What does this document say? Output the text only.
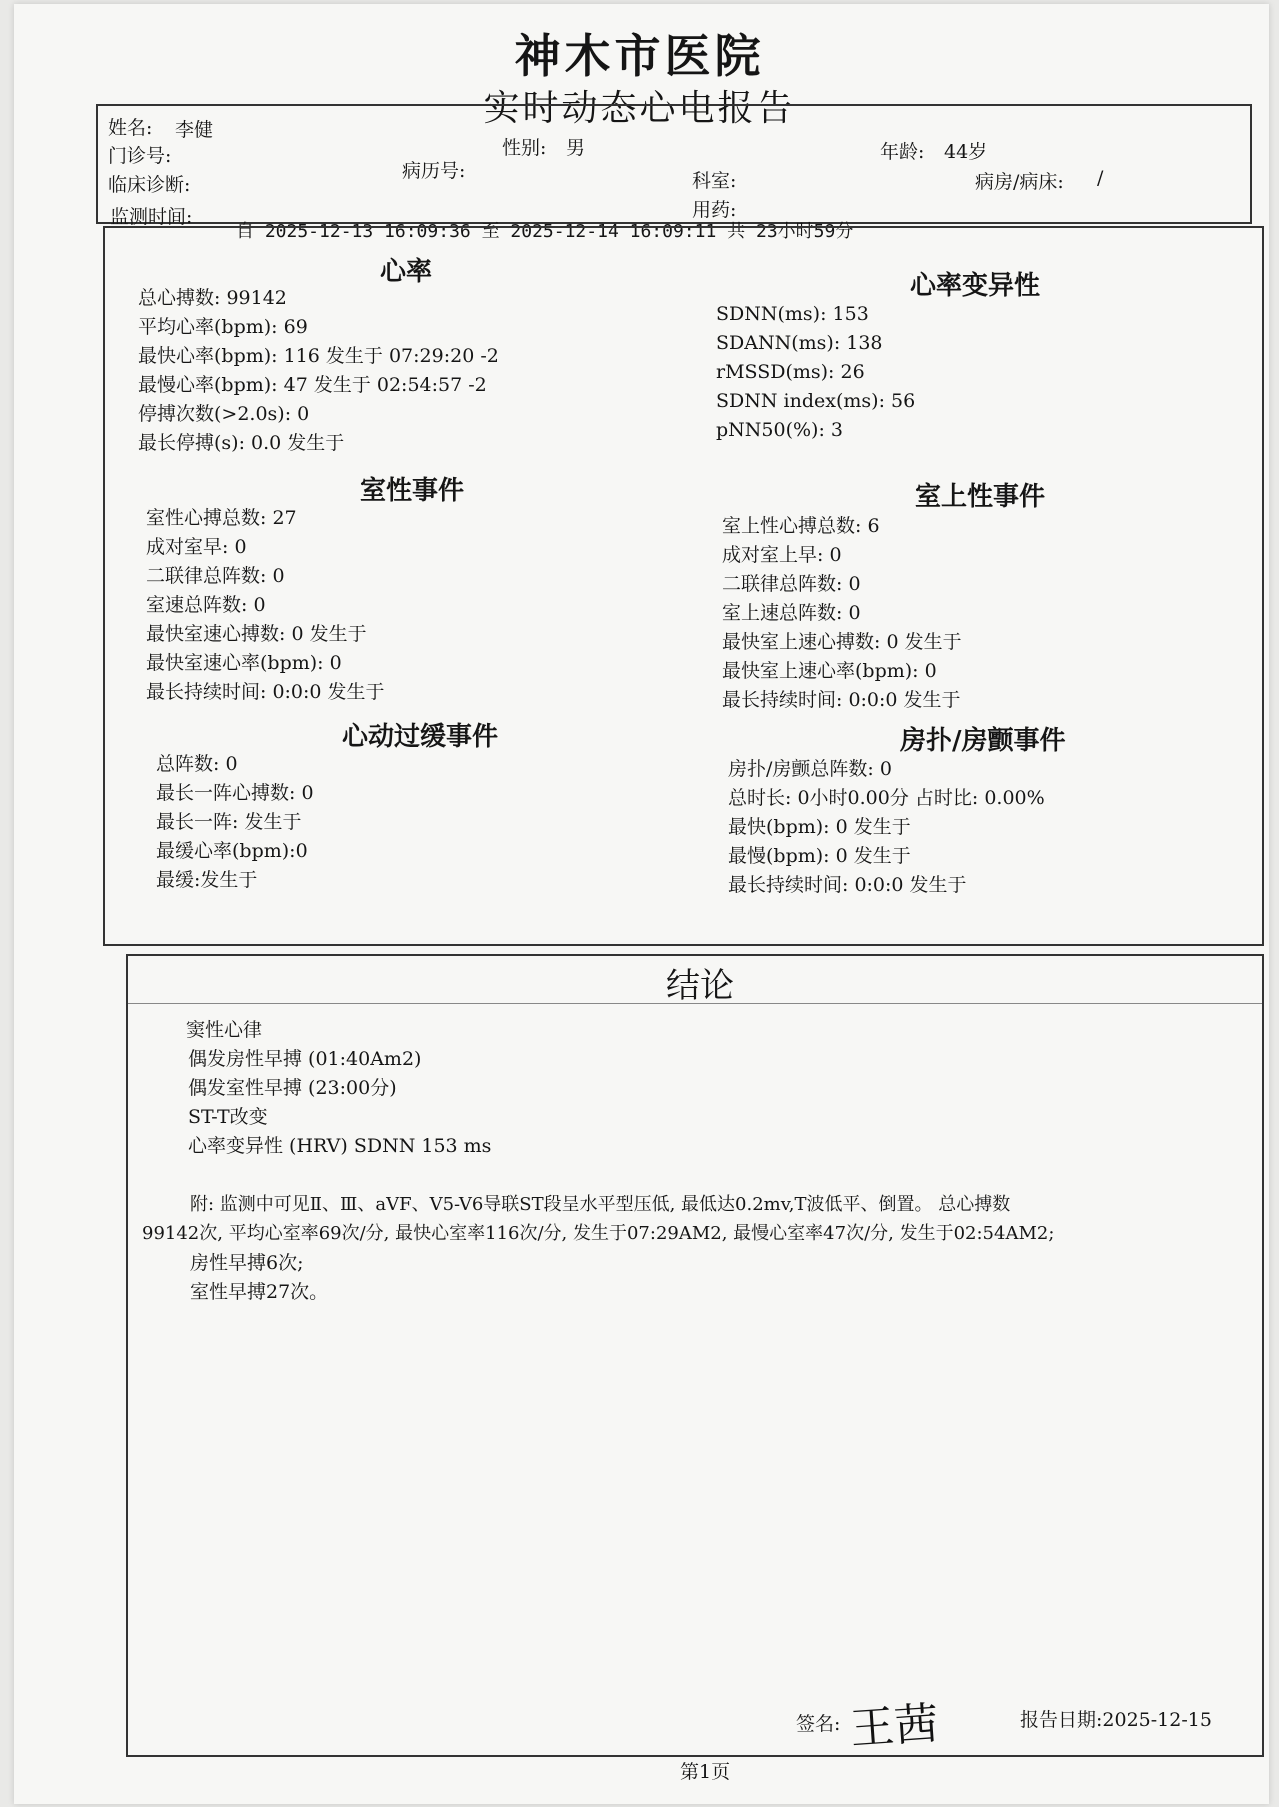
神木市医院
实时动态心电报告
姓名: 李健
门诊号:	性别: 男	年龄: 44岁
病历号:
临床诊断:	科室:	病房/病床: /
用药:
监测时间:
自 2025-12-13 16:09:36 至 2025-12-14 16:09:11 共 23小时59分
心率
总心搏数: 99142
平均心率(bpm): 69
最快心率(bpm): 116 发生于 07:29:20 -2
最慢心率(bpm): 47 发生于 02:54:57 -2
停搏次数(>2.0s): 0
最长停搏(s): 0.0 发生于
心率变异性
SDNN(ms): 153
SDANN(ms): 138
rMSSD(ms): 26
SDNN index(ms): 56
pNN50(%): 3
室性事件
室性心搏总数: 27
成对室早: 0
二联律总阵数: 0
室速总阵数: 0
最快室速心搏数: 0 发生于
最快室速心率(bpm): 0
最长持续时间: 0:0:0 发生于
室上性事件
室上性心搏总数: 6
成对室上早: 0
二联律总阵数: 0
室上速总阵数: 0
最快室上速心搏数: 0 发生于
最快室上速心率(bpm): 0
最长持续时间: 0:0:0 发生于
心动过缓事件
总阵数: 0
最长一阵心搏数: 0
最长一阵: 发生于
最缓心率(bpm):0
最缓:发生于
房扑/房颤事件
房扑/房颤总阵数: 0
总时长: 0小时0.00分 占时比: 0.00%
最快(bpm): 0 发生于
最慢(bpm): 0 发生于
最长持续时间: 0:0:0 发生于
结论
窦性心律
偶发房性早搏 (01:40Am2)
偶发室性早搏 (23:00分)
ST-T改变
心率变异性 (HRV) SDNN 153 ms
附: 监测中可见Ⅱ、Ⅲ、aVF、V5-V6导联ST段呈水平型压低, 最低达0.2mv,T波低平、倒置。 总心搏数
99142次, 平均心室率69次/分, 最快心室率116次/分, 发生于07:29AM2, 最慢心室率47次/分, 发生于02:54AM2;
房性早搏6次;
室性早搏27次。
签名: 王茜	报告日期:2025-12-15
第1页
